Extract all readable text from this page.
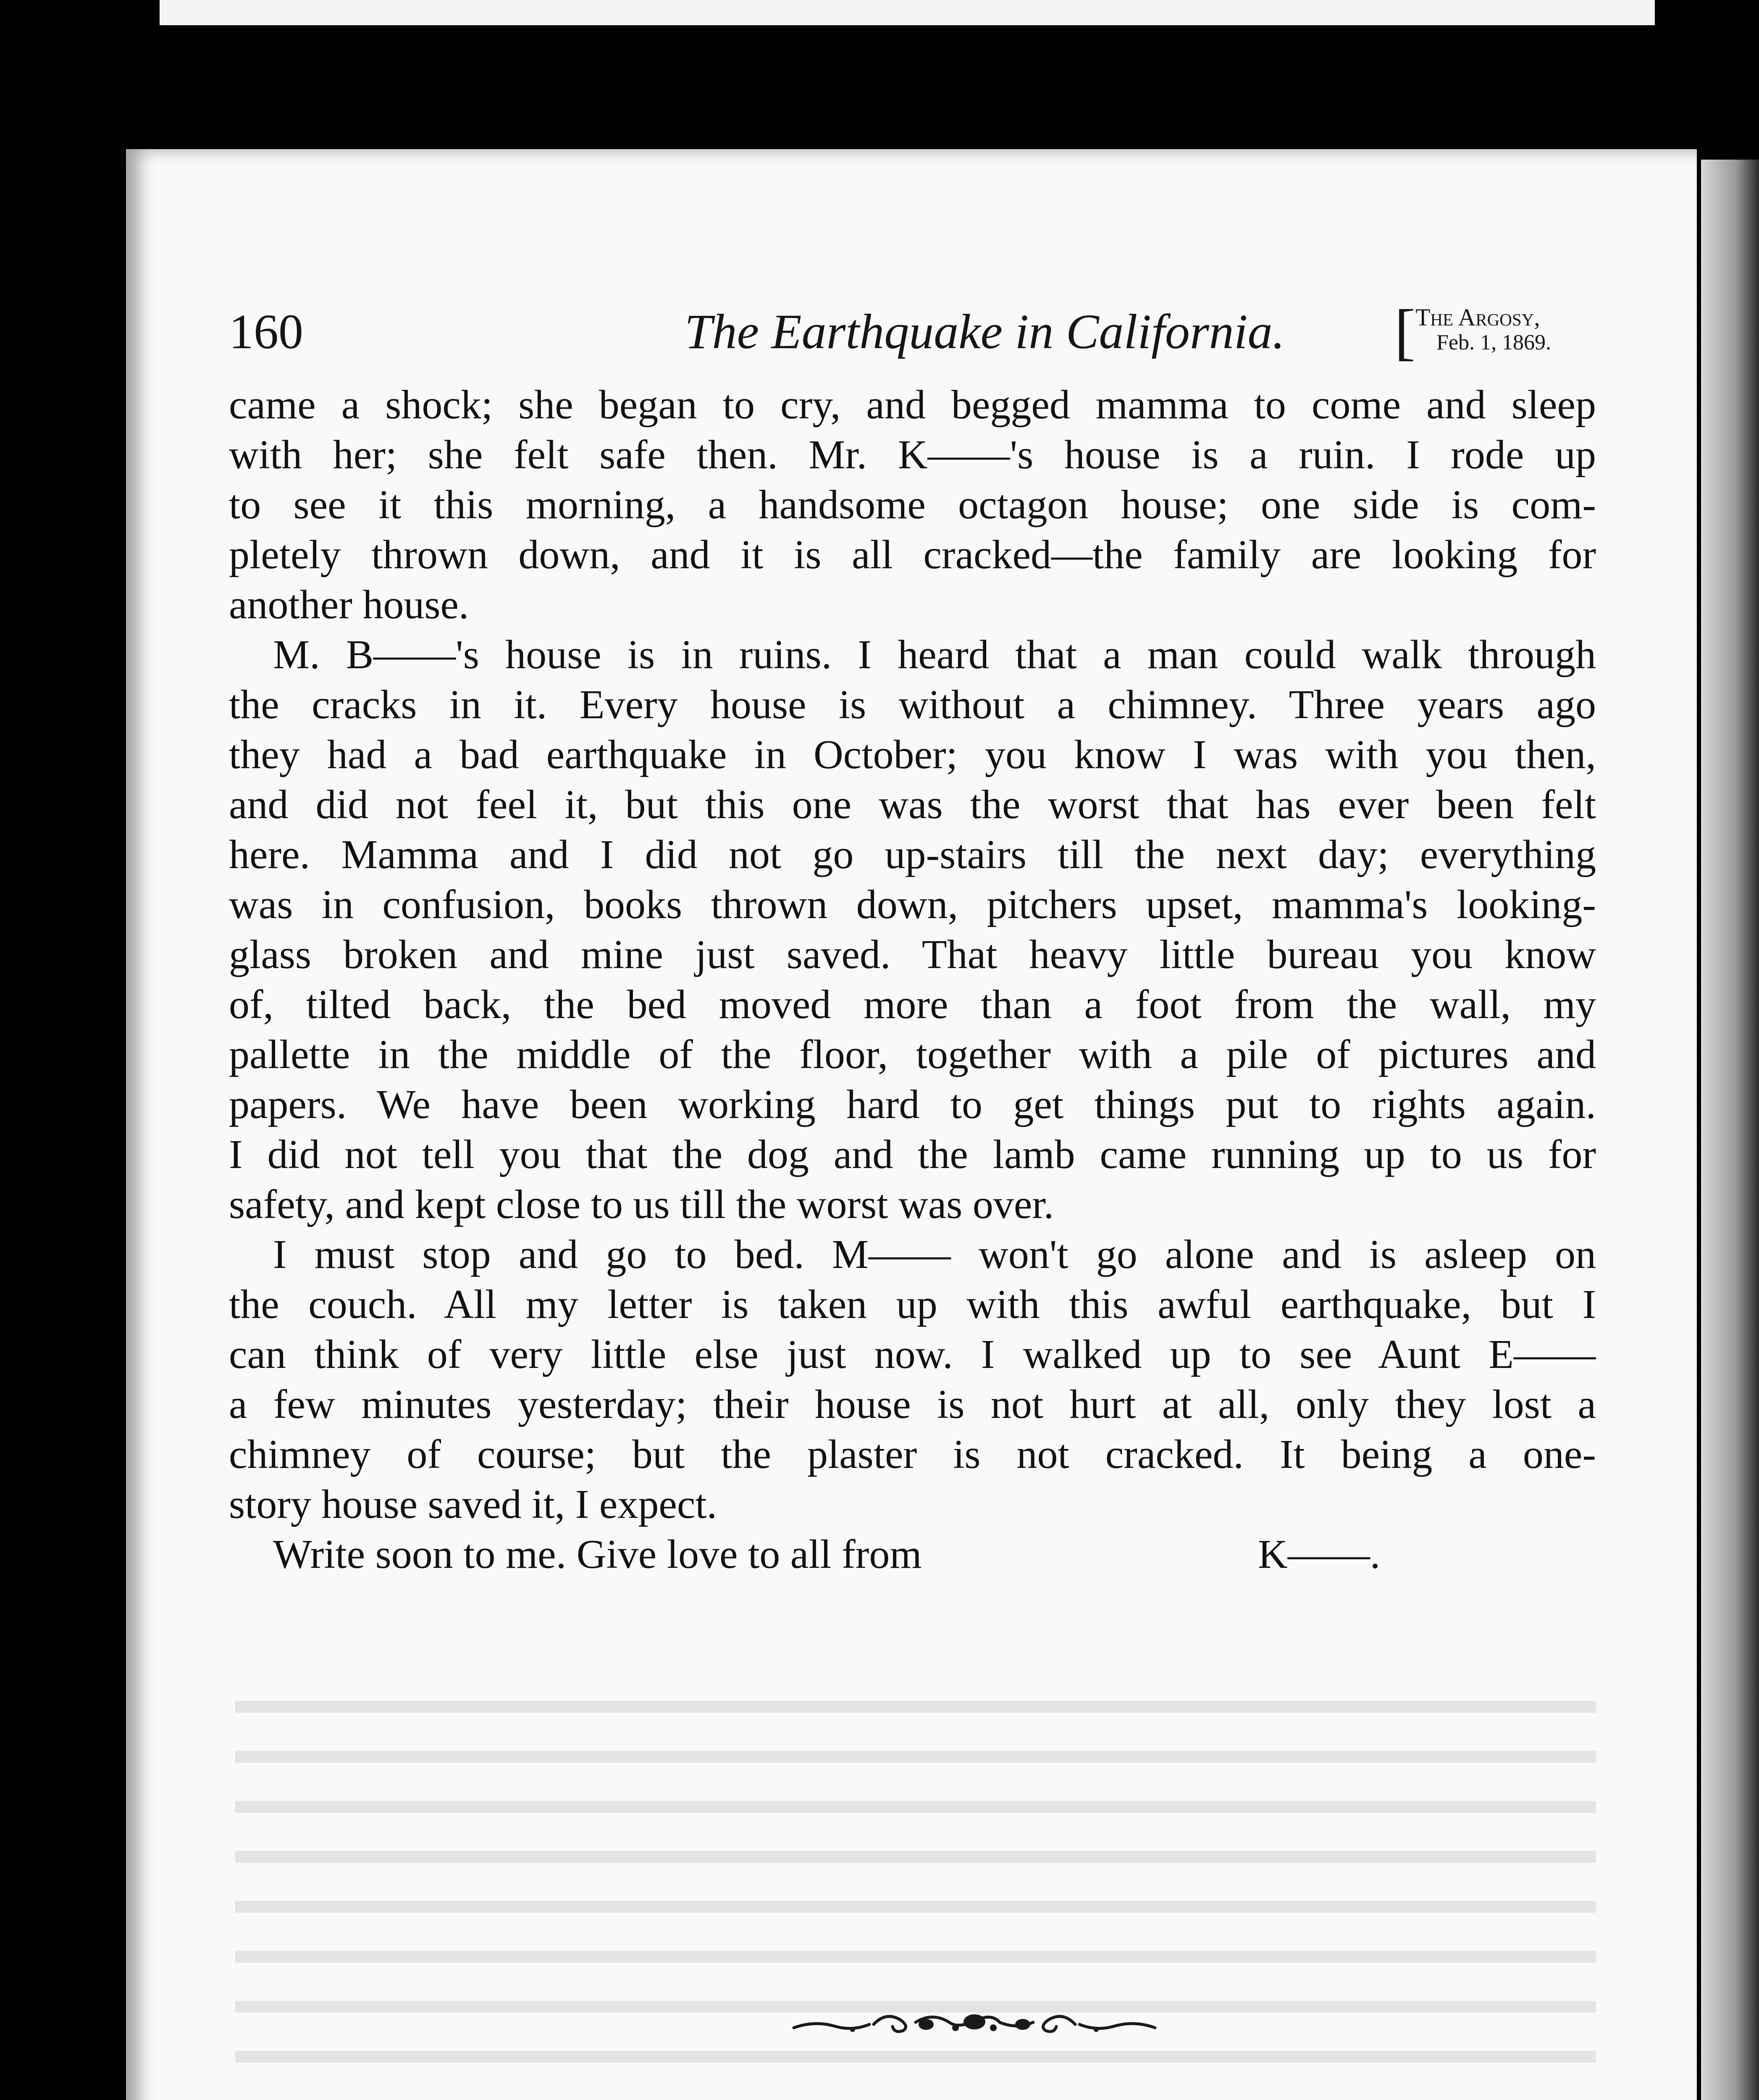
160	The Earthquake in California. [ The Argosy,
Feb. 1, 1869.
came a shock; she began to cry, and begged mamma to come and sleep
with her; she felt safe then. Mr. K——'s house is a ruin. I rode up
to see it this morning, a handsome octagon house; one side is com-
pletely thrown down, and it is all cracked—the family are looking for
another house.
M. B——'s house is in ruins. I heard that a man could walk through
the cracks in it. Every house is without a chimney. Three years ago
they had a bad earthquake in October; you know I was with you then,
and did not feel it, but this one was the worst that has ever been felt
here. Mamma and I did not go up-stairs till the next day; everything
was in confusion, books thrown down, pitchers upset, mamma's looking-
glass broken and mine just saved. That heavy little bureau you know
of, tilted back, the bed moved more than a foot from the wall, my
pallette in the middle of the floor, together with a pile of pictures and
papers. We have been working hard to get things put to rights again.
I did not tell you that the dog and the lamb came running up to us for
safety, and kept close to us till the worst was over.
I must stop and go to bed. M—— won't go alone and is asleep on
the couch. All my letter is taken up with this awful earthquake, but I
can think of very little else just now. I walked up to see Aunt E——
a few minutes yesterday; their house is not hurt at all, only they lost a
chimney of course; but the plaster is not cracked. It being a one-
story house saved it, I expect.
Write soon to me. Give love to all from	K——.
